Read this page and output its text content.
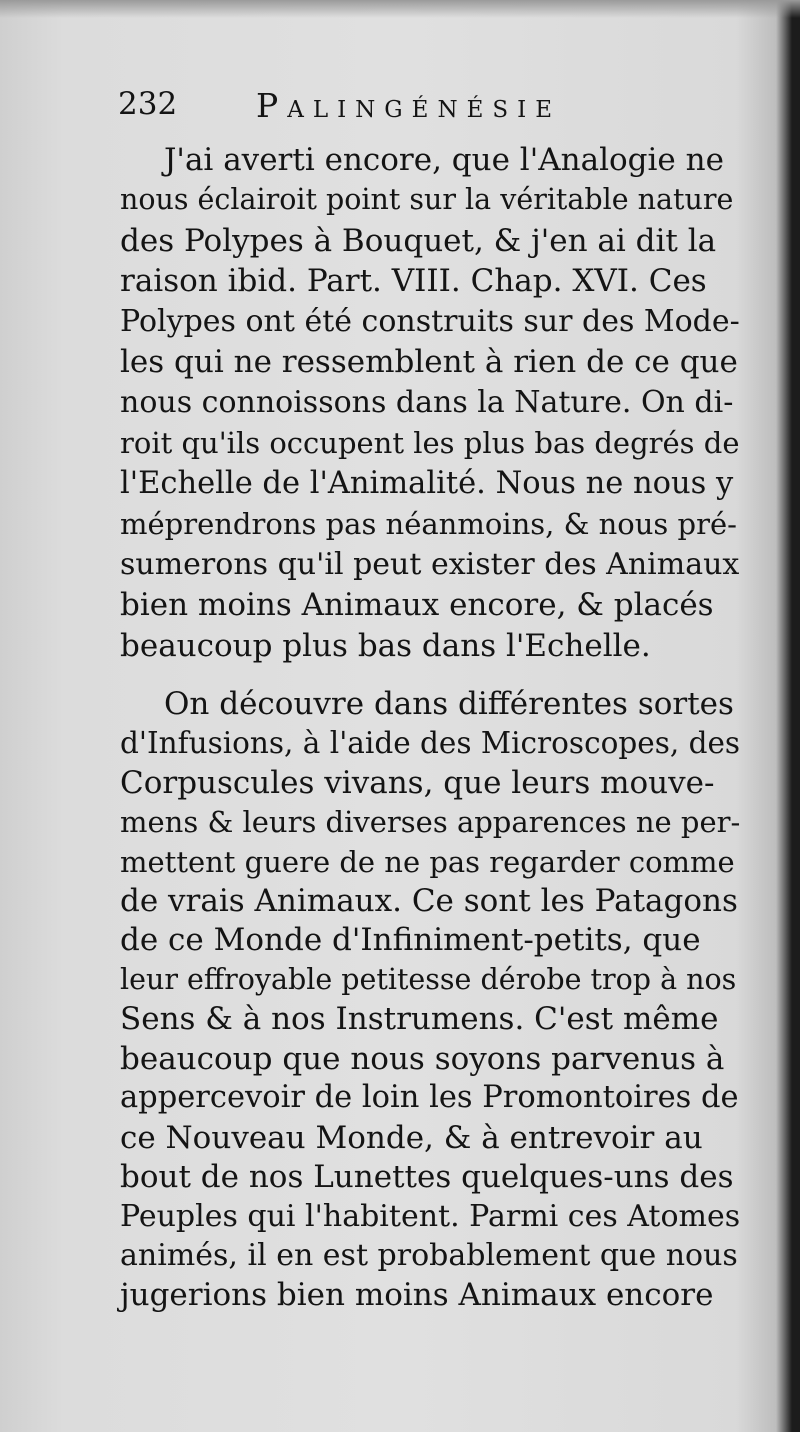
232 Palingénésie
J'ai averti encore, que l'Analogie ne
nous éclairoit point sur la véritable nature
des Polypes à Bouquet, & j'en ai dit la
raison ibid. Part. VIII. Chap. XVI. Ces
Polypes ont été construits sur des Mode-
les qui ne ressemblent à rien de ce que
nous connoissons dans la Nature. On di-
roit qu'ils occupent les plus bas degrés de
l'Echelle de l'Animalité. Nous ne nous y
méprendrons pas néanmoins, & nous pré-
sumerons qu'il peut exister des Animaux
bien moins Animaux encore, & placés
beaucoup plus bas dans l'Echelle.
On découvre dans différentes sortes
d'Infusions, à l'aide des Microscopes, des
Corpuscules vivans, que leurs mouve-
mens & leurs diverses apparences ne per-
mettent guere de ne pas regarder comme
de vrais Animaux. Ce sont les Patagons
de ce Monde d'Infiniment-petits, que
leur effroyable petitesse dérobe trop à nos
Sens & à nos Instrumens. C'est même
beaucoup que nous soyons parvenus à
appercevoir de loin les Promontoires de
ce Nouveau Monde, & à entrevoir au
bout de nos Lunettes quelques-uns des
Peuples qui l'habitent. Parmi ces Atomes
animés, il en est probablement que nous
jugerions bien moins Animaux encore
